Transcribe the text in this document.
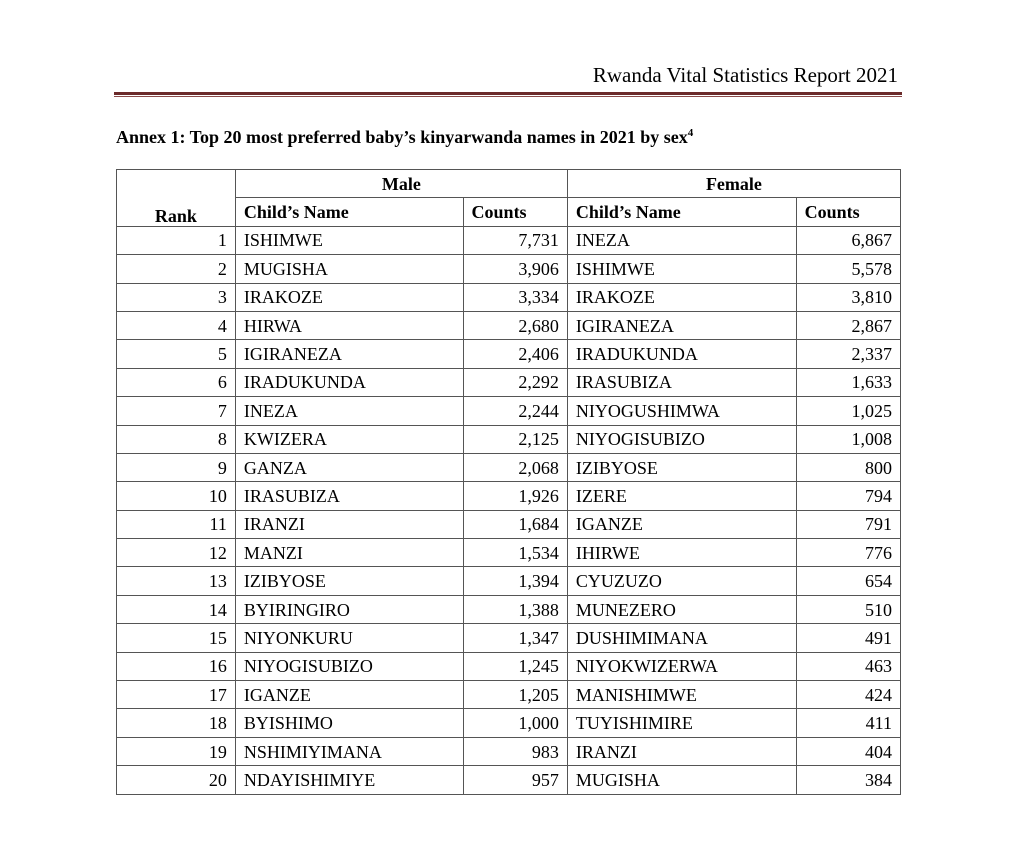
Rwanda Vital Statistics Report 2021
Annex 1: Top 20 most preferred baby’s kinyarwanda names in 2021 by sex$^4$
Rank	Male		Female	
	Child’s Name	Counts	Child’s Name	Counts
1	ISHIMWE	7,731	INEZA	6,867
2	MUGISHA	3,906	ISHIMWE	5,578
3	IRAKOZE	3,334	IRAKOZE	3,810
4	HIRWA	2,680	IGIRANEZA	2,867
5	IGIRANEZA	2,406	IRADUKUNDA	2,337
6	IRADUKUNDA	2,292	IRASUBIZA	1,633
7	INEZA	2,244	NIYOGUSHIMWA	1,025
8	KWIZERA	2,125	NIYOGISUBIZO	1,008
9	GANZA	2,068	IZIBYOSE	800
10	IRASUBIZA	1,926	IZERE	794
11	IRANZI	1,684	IGANZE	791
12	MANZI	1,534	IHIRWE	776
13	IZIBYOSE	1,394	CYUZUZO	654
14	BYIRINGIRO	1,388	MUNEZERO	510
15	NIYONKURU	1,347	DUSHIMIMANA	491
16	NIYOGISUBIZO	1,245	NIYOKWIZERWA	463
17	IGANZE	1,205	MANISHIMWE	424
18	BYISHIMO	1,000	TUYISHIMIRE	411
19	NSHIMIYIMANA	983	IRANZI	404
20	NDAYISHIMIYE	957	MUGISHA	384
